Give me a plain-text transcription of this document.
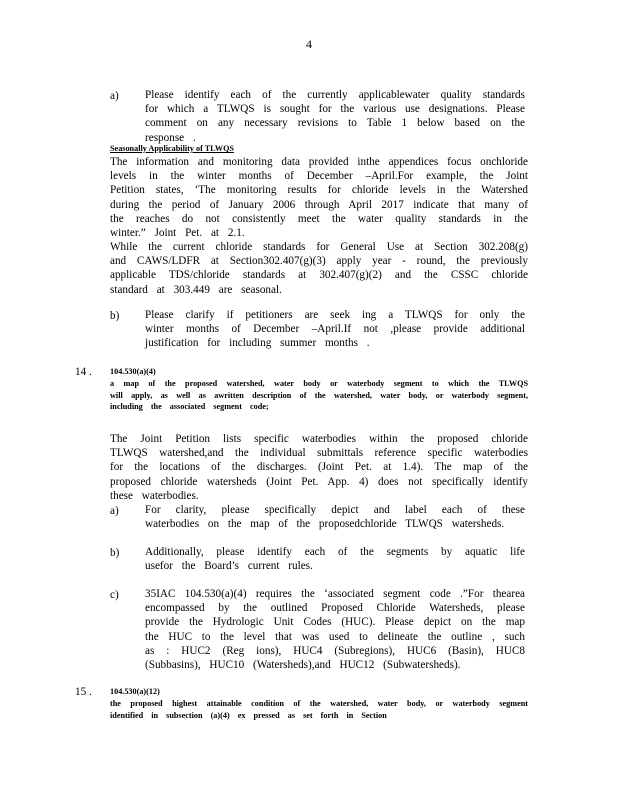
4
a) Please identify each of the currently applicablewater quality standards for which a TLWQS is sought for the various use designations. Please comment on any necessary revisions to Table 1 below based on the response .
Seasonally Applicability of TLWQS
The information and monitoring data provided inthe appendices focus onchloride levels in the winter months of December –April.For example, the Joint Petition states, ‘The monitoring results for chloride levels in the Watershed during the period of January 2006 through April 2017 indicate that many of the reaches do not consistently meet the water quality standards in the winter.” Joint Pet. at 2.1.
While the current chloride standards for General Use at Section 302.208(g) and CAWS/LDFR at Section302.407(g)(3) apply year - round, the previously applicable TDS/chloride standards at 302.407(g)(2) and the CSSC chloride standard at 303.449 are seasonal.
b) Please clarify if petitioners are seek ing a TLWQS for only the winter months of December –April.If not ,please provide additional justification for including summer months .
14 . 104.530(a)(4)
a map of the proposed watershed, water body or waterbody segment to which the TLWQS will apply, as well as awritten description of the watershed, water body, or waterbody segment, including the associated segment code;
The Joint Petition lists specific waterbodies within the proposed chloride TLWQS watershed,and the individual submittals reference specific waterbodies for the locations of the discharges. (Joint Pet. at 1.4). The map of the proposed chloride watersheds (Joint Pet. App. 4) does not specifically identify these waterbodies.
a) For clarity, please specifically depict and label each of these waterbodies on the map of the proposedchloride TLWQS watersheds.
b) Additionally, please identify each of the segments by aquatic life usefor the Board’s current rules.
c) 35IAC 104.530(a)(4) requires the ‘associated segment code .”For thearea encompassed by the outlined Proposed Chloride Watersheds, please provide the Hydrologic Unit Codes (HUC). Please depict on the map the HUC to the level that was used to delineate the outline , such as : HUC2 (Reg ions), HUC4 (Subregions), HUC6 (Basin), HUC8 (Subbasins), HUC10 (Watersheds),and HUC12 (Subwatersheds).
15 . 104.530(a)(12)
the proposed highest attainable condition of the watershed, water body, or waterbody segment identified in subsection (a)(4) ex pressed as set forth in Section
